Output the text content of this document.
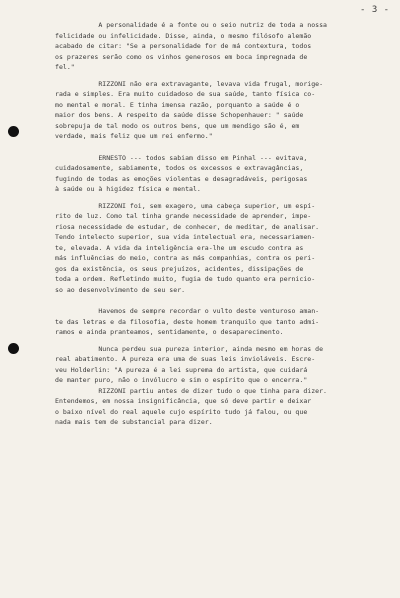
- 3 -
A personalidade é a fonte ou o seio nutriz de toda a nossa
felicidade ou infelicidade. Disse, ainda, o mesmo filósofo alemão
acabado de citar: "Se a personalidade for de má contextura, todos
os prazeres serão como os vinhos generosos em boca impregnada de
fel."
RIZZONI não era extravagante, levava vida frugal, morige-
rada e simples. Era muito cuidadoso de sua saúde, tanto física co-
mo mental e moral. E tinha imensa razão, porquanto a saúde é o
maior dos bens. A respeito da saúde disse Schopenhauer: " saúde
sobrepuja de tal modo os outros bens, que um mendigo são é, em
verdade, mais feliz que um rei enfermo."
ERNESTO --- todos sabiam disso em Pinhal --- evitava,
cuidadosamente, sabiamente, todos os excessos e extravagâncias,
fugindo de todas as emoções violentas e desagradáveis, perigosas
à saúde ou à higidez física e mental.
RIZZONI foi, sem exagero, uma cabeça superior, um espí-
rito de luz. Como tal tinha grande necessidade de aprender, impe-
riosa necessidade de estudar, de conhecer, de meditar, de analisar.
Tendo intelecto superior, sua vida intelectual era, necessariamen-
te, elevada. A vida da inteligência era-lhe um escudo contra as
más influências do meio, contra as más companhias, contra os peri-
gos da existência, os seus prejuízos, acidentes, dissipações de
toda a ordem. Refletindo muito, fugia de tudo quanto era pernicio-
so ao desenvolvimento de seu ser.
Havemos de sempre recordar o vulto deste venturoso aman-
te das letras e da filosofia, deste homem tranquilo que tanto admi-
ramos e ainda pranteamos, sentidamente, o desaparecimento.
Nunca perdeu sua pureza interior, ainda mesmo em horas de
real abatimento. A pureza era uma de suas leis invioláveis. Escre-
veu Holderlin: "A pureza é a lei suprema do artista, que cuidará
de manter puro, não o invólucro e sim o espírito que o encerra."
RIZZONI partiu antes de dizer tudo o que tinha para dizer.
Entendemos, em nossa insignificância, que só deve partir e deixar
o baixo nível do real aquele cujo espírito tudo já falou, ou que
nada mais tem de substancial para dizer.
